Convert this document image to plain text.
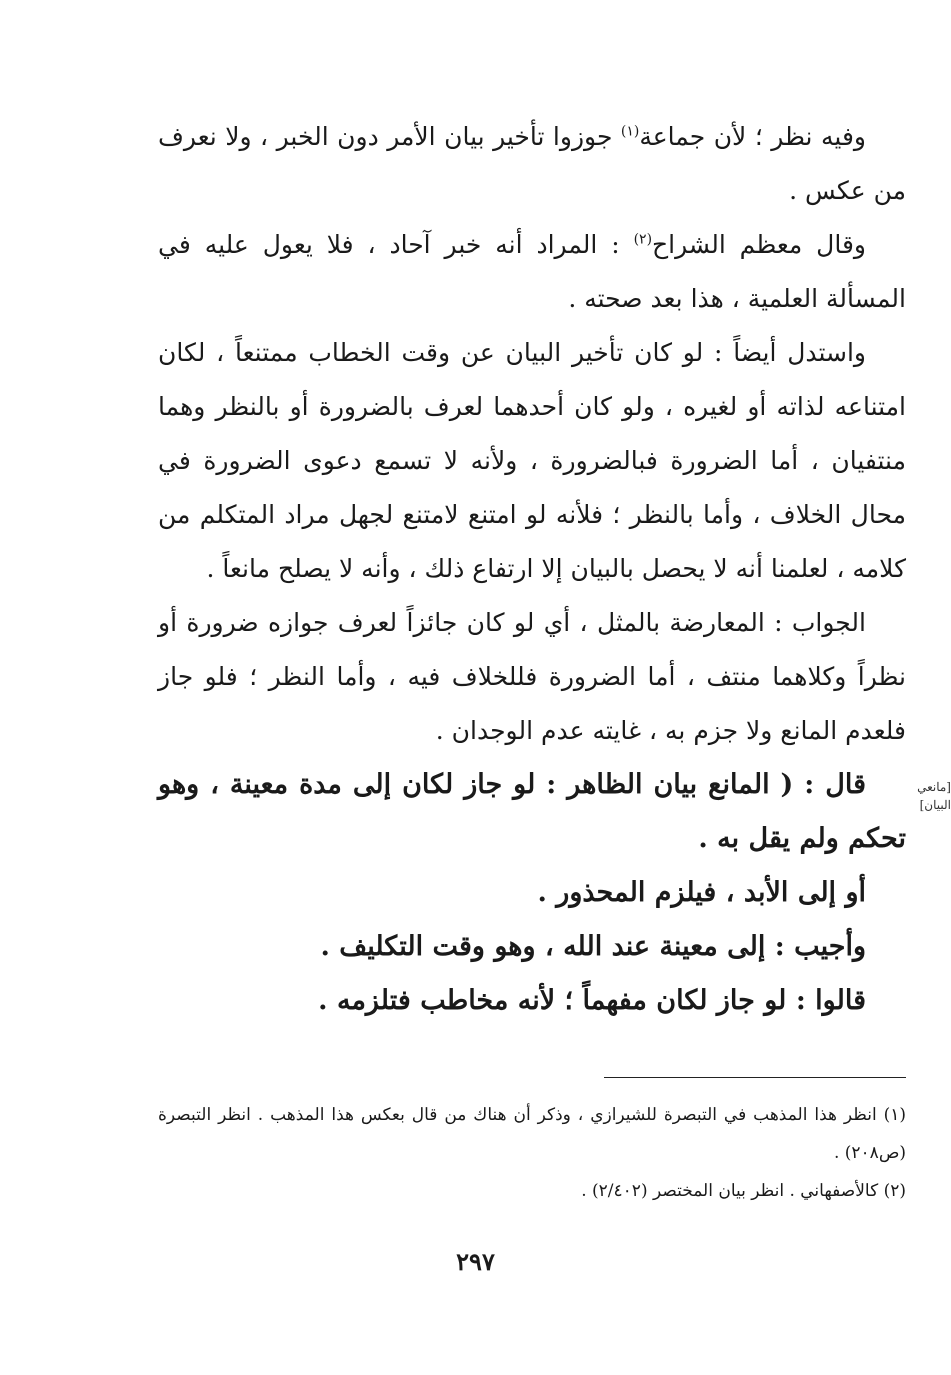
وفيه نظر ؛ لأن جماعة$^{(١)}$ جوزوا تأخير بيان الأمر دون الخبر ، ولا نعرف من عكس .

وقال معظم الشراح$^{(٢)}$ : المراد أنه خبر آحاد ، فلا يعول عليه في المسألة العلمية ، هذا بعد صحته .

واستدل أيضاً : لو كان تأخير البيان عن وقت الخطاب ممتنعاً ، لكان امتناعه لذاته أو لغيره ، ولو كان أحدهما لعرف بالضرورة أو بالنظر وهما منتفيان ، أما الضرورة فبالضرورة ، ولأنه لا تسمع دعوى الضرورة في محال الخلاف ، وأما بالنظر ؛ فلأنه لو امتنع لامتنع لجهل مراد المتكلم من كلامه ، لعلمنا أنه لا يحصل بالبيان إلا ارتفاع ذلك ، وأنه لا يصلح مانعاً .

الجواب : المعارضة بالمثل ، أي لو كان جائزاً لعرف جوازه ضرورة أو نظراً وكلاهما منتف ، أما الضرورة فللخلاف فيه ، وأما النظر ؛ فلو جاز فلعدم المانع ولا جزم به ، غايته عدم الوجدان .

قال : ( المانع بيان الظاهر : لو جاز لكان إلى مدة معينة ، وهو تحكم ولم يقل به .

أو إلى الأبد ، فيلزم المحذور .

وأجيب : إلى معينة عند الله ، وهو وقت التكليف .

قالوا : لو جاز لكان مفهماً ؛ لأنه مخاطب فتلزمه .

[مانعي
البيان]

(١) انظر هذا المذهب في التبصرة للشيرازي ، وذكر أن هناك من قال بعكس هذا المذهب . انظر التبصرة (ص٢٠٨) .

(٢) كالأصفهاني . انظر بيان المختصر (٢/٤٠٢) .

٢٩٧
